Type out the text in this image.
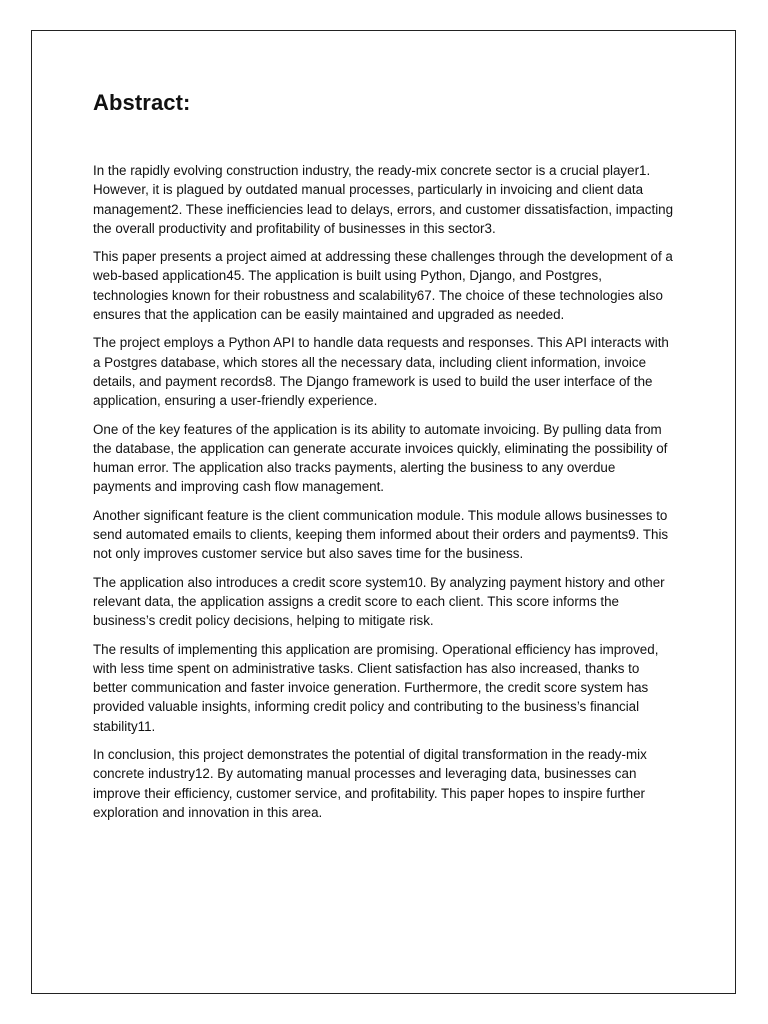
Abstract:

In the rapidly evolving construction industry, the ready-mix concrete sector is a crucial player1. However, it is plagued by outdated manual processes, particularly in invoicing and client data management2. These inefficiencies lead to delays, errors, and customer dissatisfaction, impacting the overall productivity and profitability of businesses in this sector3.

This paper presents a project aimed at addressing these challenges through the development of a web-based application45. The application is built using Python, Django, and Postgres, technologies known for their robustness and scalability67. The choice of these technologies also ensures that the application can be easily maintained and upgraded as needed.

The project employs a Python API to handle data requests and responses. This API interacts with a Postgres database, which stores all the necessary data, including client information, invoice details, and payment records8. The Django framework is used to build the user interface of the application, ensuring a user-friendly experience.

One of the key features of the application is its ability to automate invoicing. By pulling data from the database, the application can generate accurate invoices quickly, eliminating the possibility of human error. The application also tracks payments, alerting the business to any overdue payments and improving cash flow management.

Another significant feature is the client communication module. This module allows businesses to send automated emails to clients, keeping them informed about their orders and payments9. This not only improves customer service but also saves time for the business.

The application also introduces a credit score system10. By analyzing payment history and other relevant data, the application assigns a credit score to each client. This score informs the business’s credit policy decisions, helping to mitigate risk.

The results of implementing this application are promising. Operational efficiency has improved, with less time spent on administrative tasks. Client satisfaction has also increased, thanks to better communication and faster invoice generation. Furthermore, the credit score system has provided valuable insights, informing credit policy and contributing to the business’s financial stability11.

In conclusion, this project demonstrates the potential of digital transformation in the ready-mix concrete industry12. By automating manual processes and leveraging data, businesses can improve their efficiency, customer service, and profitability. This paper hopes to inspire further exploration and innovation in this area.
